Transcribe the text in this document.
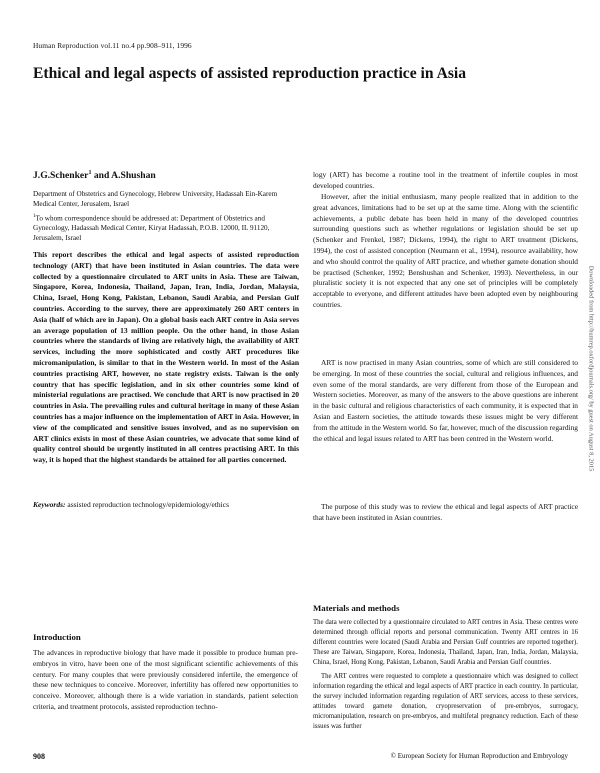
Human Reproduction vol.11 no.4 pp.908–911, 1996
Ethical and legal aspects of assisted reproduction practice in Asia
J.G.Schenker$^1$ and A.Shushan

Department of Obstetrics and Gynecology, Hebrew University, Hadassah Ein-Karem Medical Center, Jerusalem, Israel

$^1$To whom correspondence should be addressed at: Department of Obstetrics and Gynecology, Hadassah Medical Center, Kiryat Hadassah, P.O.B. 12000, IL 91120, Jerusalem, Israel

This report describes the ethical and legal aspects of assisted reproduction technology (ART) that have been instituted in Asian countries. The data were collected by a questionnaire circulated to ART units in Asia. These are Taiwan, Singapore, Korea, Indonesia, Thailand, Japan, Iran, India, Jordan, Malaysia, China, Israel, Hong Kong, Pakistan, Lebanon, Saudi Arabia, and Persian Gulf countries. According to the survey, there are approximately 260 ART centers in Asia (half of which are in Japan). On a global basis each ART centre in Asia serves an average population of 13 million people. On the other hand, in those Asian countries where the standards of living are relatively high, the availability of ART services, including the more sophisticated and costly ART procedures like micromanipulation, is similar to that in the Western world. In most of the Asian countries practising ART, however, no state registry exists. Taiwan is the only country that has specific legislation, and in six other countries some kind of ministerial regulations are practised. We conclude that ART is now practised in 20 countries in Asia. The prevailing rules and cultural heritage in many of these Asian countries has a major influence on the implementation of ART in Asia. However, in view of the complicated and sensitive issues involved, and as no supervision on ART clinics exists in most of these Asian countries, we advocate that some kind of quality control should be urgently instituted in all centres practising ART. In this way, it is hoped that the highest standards be attained for all parties concerned.

Keywords: assisted reproduction technology/epidemiology/ethics
Introduction

The advances in reproductive biology that have made it possible to produce human pre-embryos in vitro, have been one of the most significant scientific achievements of this century. For many couples that were previously considered infertile, the emergence of these new techniques to conceive. Moreover, infertility has offered new opportunities to conceive. Moreover, although there is a wide variation in standards, patient selection criteria, and treatment protocols, assisted reproduction techno-

logy (ART) has become a routine tool in the treatment of infertile couples in most developed countries.

However, after the initial enthusiasm, many people realized that in addition to the great advances, limitations had to be set up at the same time. Along with the scientific achievements, a public debate has been held in many of the developed countries surrounding questions such as whether regulations or legislation should be set up (Schenker and Frenkel, 1987; Dickens, 1994), the right to ART treatment (Dickens, 1994), the cost of assisted conception (Neumann et al., 1994), resource availability, how and who should control the quality of ART practice, and whether gamete donation should be practised (Schenker, 1992; Benshushan and Schenker, 1993). Nevertheless, in our pluralistic society it is not expected that any one set of principles will be completely acceptable to everyone, and different attitudes have been adopted even by neighbouring countries.

ART is now practised in many Asian countries, some of which are still considered to be emerging. In most of these countries the social, cultural and religious influences, and even some of the moral standards, are very different from those of the European and Western societies. Moreover, as many of the answers to the above questions are inherent in the basic cultural and religious characteristics of each community, it is expected that in Asian and Eastern societies, the attitude towards these issues might be very different from the attitude in the Western world. So far, however, much of the discussion regarding the ethical and legal issues related to ART has been centred in the Western world.

The purpose of this study was to review the ethical and legal aspects of ART practice that have been instituted in Asian countries.

Materials and methods

The data were collected by a questionnaire circulated to ART centres in Asia. These centres were determined through official reports and personal communication. Twenty ART centres in 16 different countries were located (Saudi Arabia and Persian Gulf countries are reported together). These are Taiwan, Singapore, Korea, Indonesia, Thailand, Japan, Iran, India, Jordan, Malaysia, China, Israel, Hong Kong, Pakistan, Lebanon, Saudi Arabia and Persian Gulf countries.

The ART centres were requested to complete a questionnaire which was designed to collect information regarding the ethical and legal aspects of ART practice in each country. In particular, the survey included information regarding regulation of ART services, access to these services, attitudes toward gamete donation, cryopreservation of pre-embryos, surrogacy, micromanipulation, research on pre-embryos, and multifetal pregnancy reduction. Each of these issues was further

908	© European Society for Human Reproduction and Embryology
Downloaded from http://humrep.oxfordjournals.org/ by guest on August 8, 2015
